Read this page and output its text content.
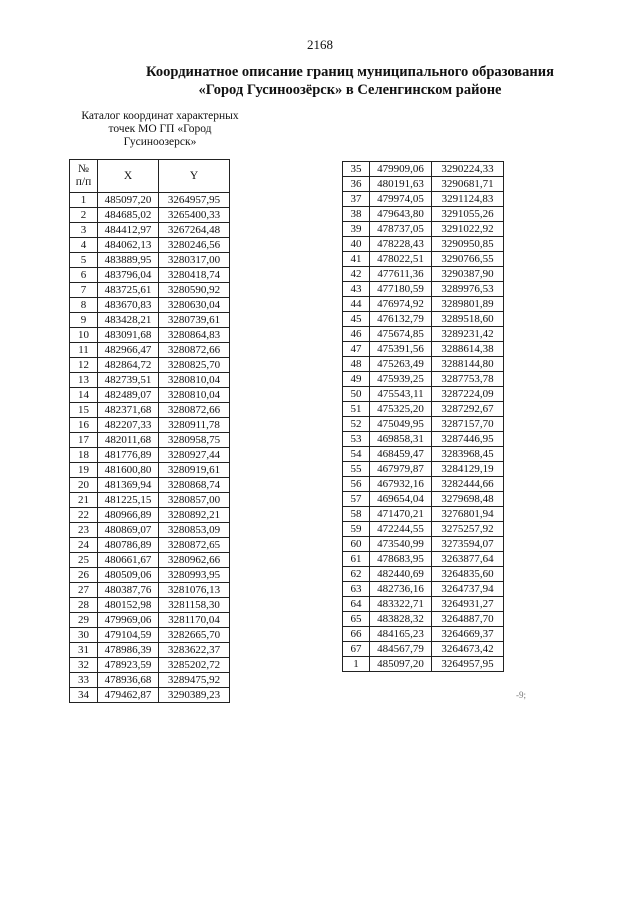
2168
Координатное описание границ муниципального образования
«Город Гусиноозёрск» в Селенгинском районе
Каталог координат характерных
точек МО ГП «Город
Гусиноозерск»
№
п/п	X	Y
1	485097,20	3264957,95
2	484685,02	3265400,33
3	484412,97	3267264,48
4	484062,13	3280246,56
5	483889,95	3280317,00
6	483796,04	3280418,74
7	483725,61	3280590,92
8	483670,83	3280630,04
9	483428,21	3280739,61
10	483091,68	3280864,83
11	482966,47	3280872,66
12	482864,72	3280825,70
13	482739,51	3280810,04
14	482489,07	3280810,04
15	482371,68	3280872,66
16	482207,33	3280911,78
17	482011,68	3280958,75
18	481776,89	3280927,44
19	481600,80	3280919,61
20	481369,94	3280868,74
21	481225,15	3280857,00
22	480966,89	3280892,21
23	480869,07	3280853,09
24	480786,89	3280872,65
25	480661,67	3280962,66
26	480509,06	3280993,95
27	480387,76	3281076,13
28	480152,98	3281158,30
29	479969,06	3281170,04
30	479104,59	3282665,70
31	478986,39	3283622,37
32	478923,59	3285202,72
33	478936,68	3289475,92
34	479462,87	3290389,23
35	479909,06	3290224,33
36	480191,63	3290681,71
37	479974,05	3291124,83
38	479643,80	3291055,26
39	478737,05	3291022,92
40	478228,43	3290950,85
41	478022,51	3290766,55
42	477611,36	3290387,90
43	477180,59	3289976,53
44	476974,92	3289801,89
45	476132,79	3289518,60
46	475674,85	3289231,42
47	475391,56	3288614,38
48	475263,49	3288144,80
49	475939,25	3287753,78
50	475543,11	3287224,09
51	475325,20	3287292,67
52	475049,95	3287157,70
53	469858,31	3287446,95
54	468459,47	3283968,45
55	467979,87	3284129,19
56	467932,16	3282444,66
57	469654,04	3279698,48
58	471470,21	3276801,94
59	472244,55	3275257,92
60	473540,99	3273594,07
61	478683,95	3263877,64
62	482440,69	3264835,60
63	482736,16	3264737,94
64	483322,71	3264931,27
65	483828,32	3264887,70
66	484165,23	3264669,37
67	484567,79	3264673,42
1	485097,20	3264957,95
-9;
